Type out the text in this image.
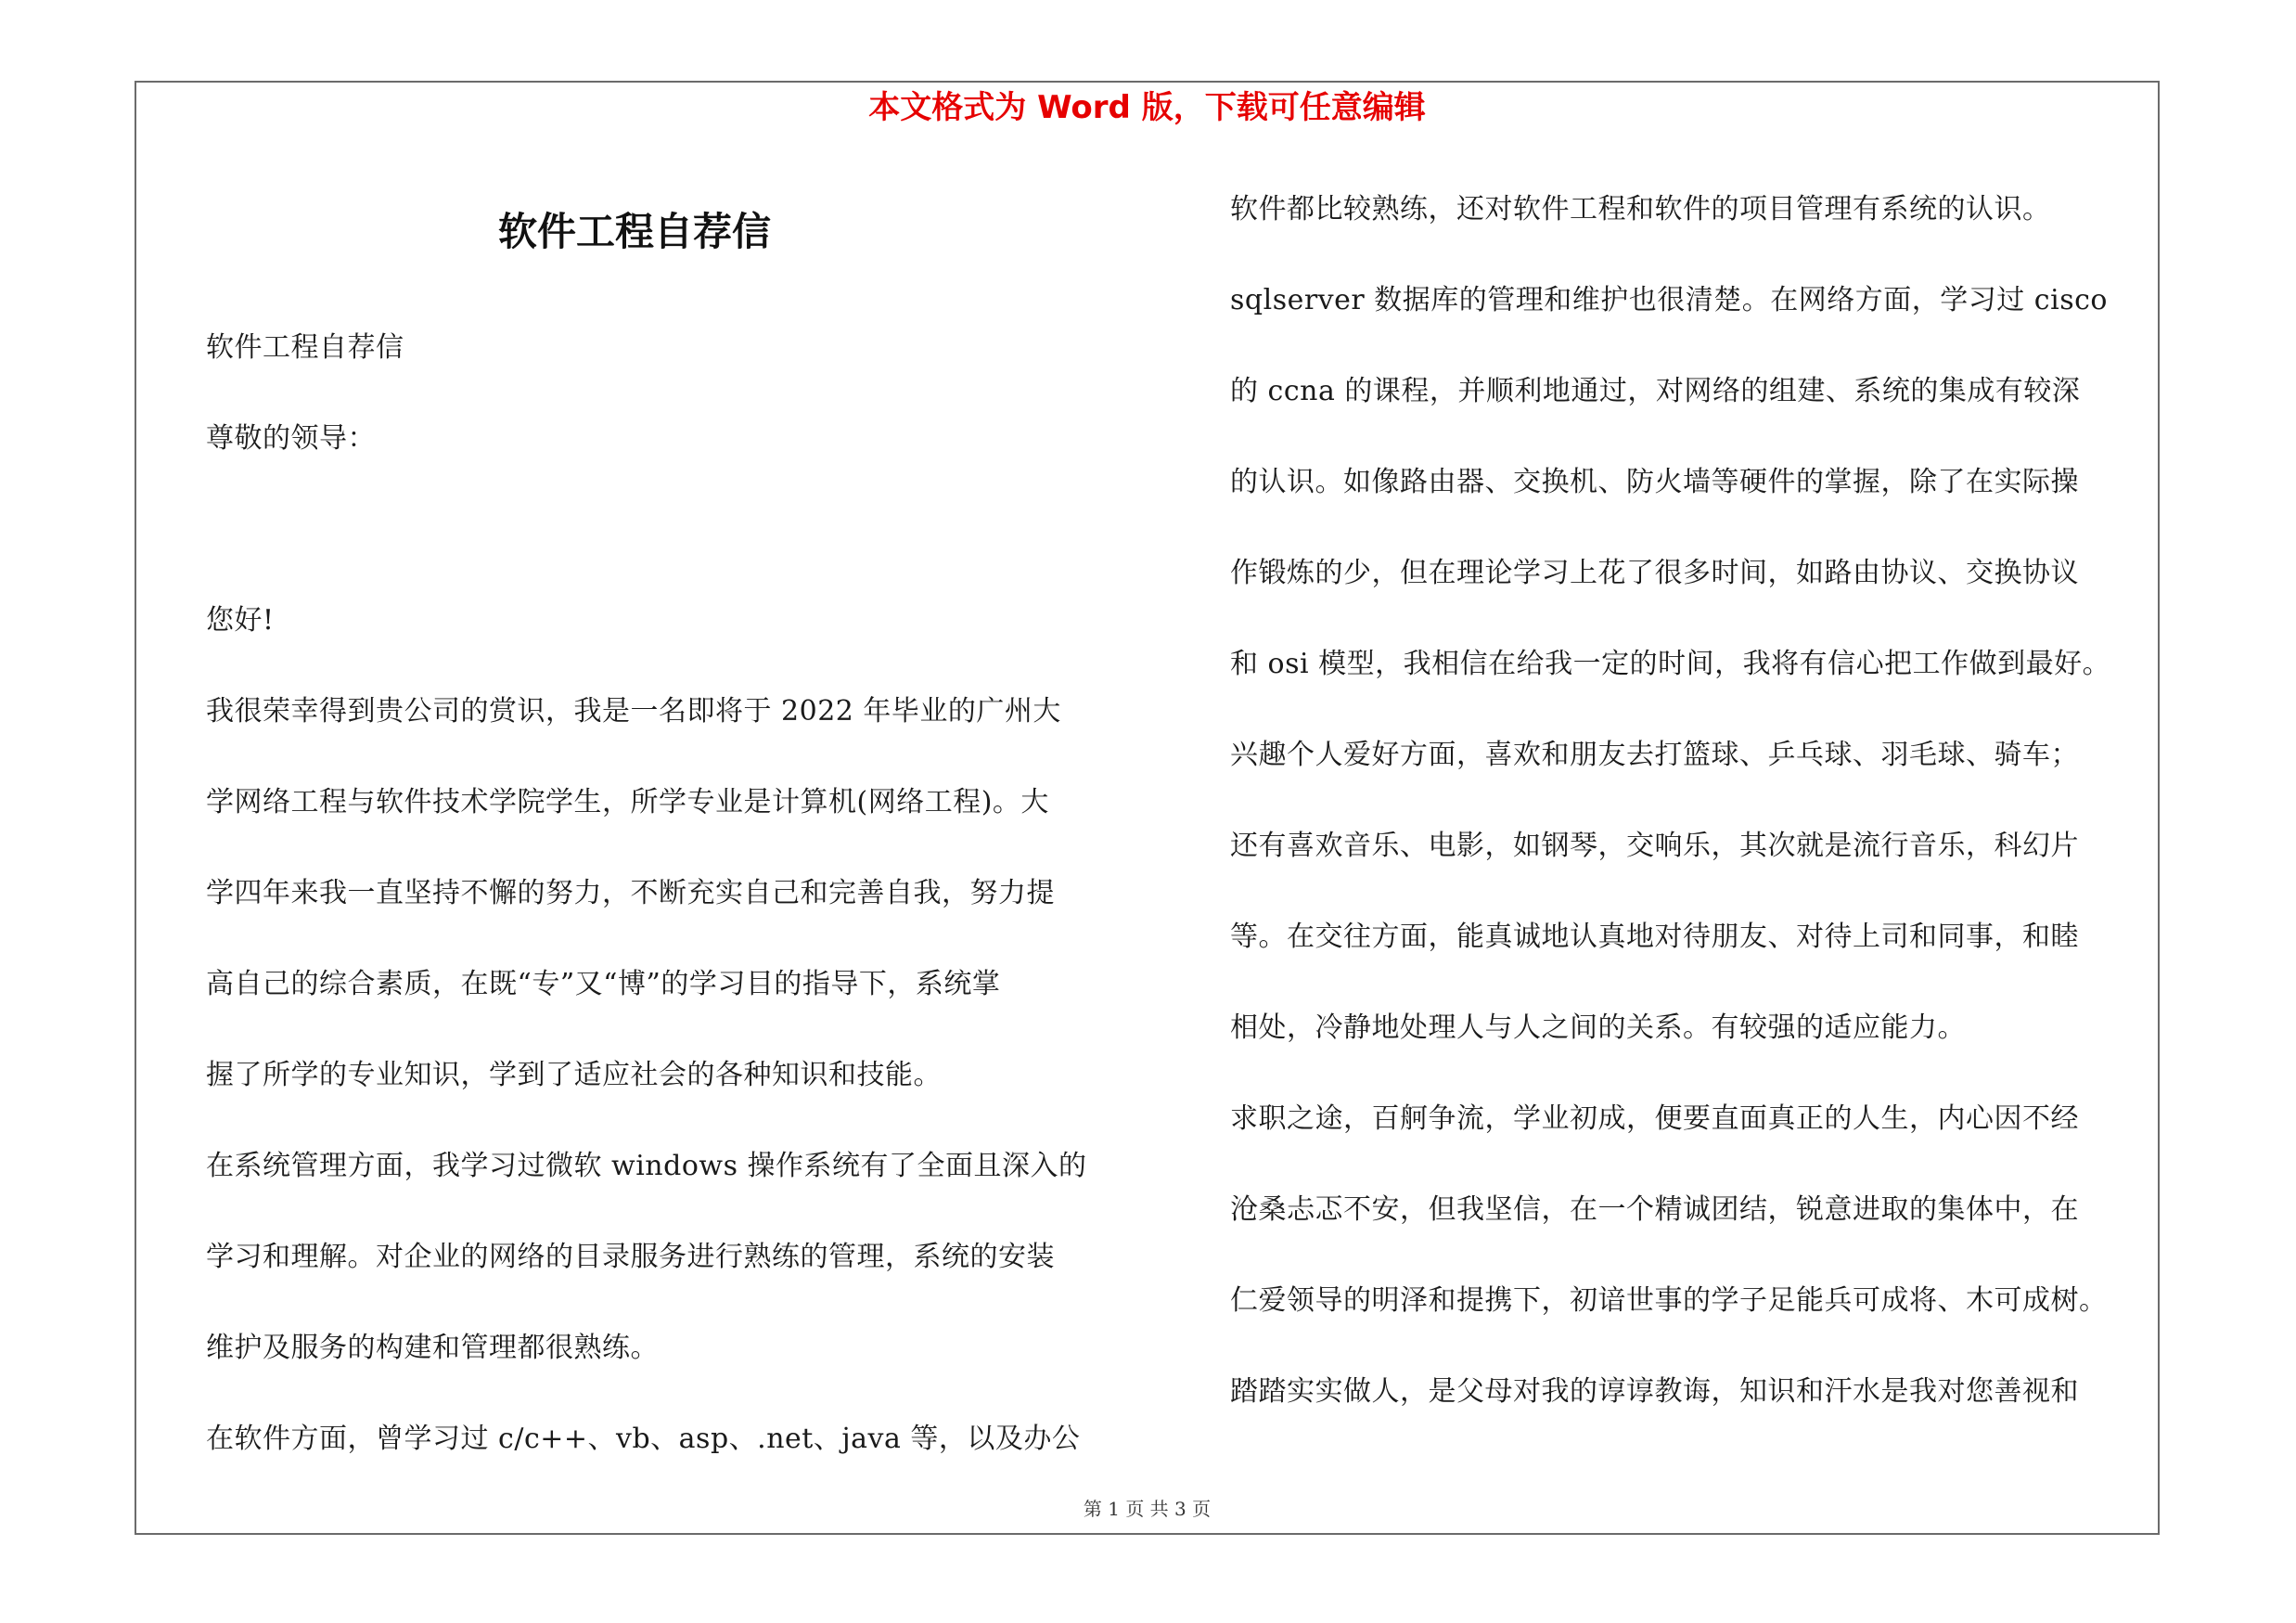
本文格式为 Word 版，下载可任意编辑
软件工程自荐信
软件工程自荐信
尊敬的领导：
您好!
我很荣幸得到贵公司的赏识，我是一名即将于 2022 年毕业的广州大
学网络工程与软件技术学院学生，所学专业是计算机(网络工程)。大
学四年来我一直坚持不懈的努力，不断充实自己和完善自我，努力提
高自己的综合素质，在既“专”又“博”的学习目的指导下，系统掌
握了所学的专业知识，学到了适应社会的各种知识和技能。
在系统管理方面，我学习过微软 windows 操作系统有了全面且深入的
学习和理解。对企业的网络的目录服务进行熟练的管理，系统的安装
维护及服务的构建和管理都很熟练。
在软件方面，曾学习过 c/c++、vb、asp、.net、java 等，以及办公
软件都比较熟练，还对软件工程和软件的项目管理有系统的认识。
sqlserver 数据库的管理和维护也很清楚。在网络方面，学习过 cisco
的 ccna 的课程，并顺利地通过，对网络的组建、系统的集成有较深
的认识。如像路由器、交换机、防火墙等硬件的掌握，除了在实际操
作锻炼的少，但在理论学习上花了很多时间，如路由协议、交换协议
和 osi 模型，我相信在给我一定的时间，我将有信心把工作做到最好。
兴趣个人爱好方面，喜欢和朋友去打篮球、乒乓球、羽毛球、骑车；
还有喜欢音乐、电影，如钢琴，交响乐，其次就是流行音乐，科幻片
等。在交往方面，能真诚地认真地对待朋友、对待上司和同事，和睦
相处，冷静地处理人与人之间的关系。有较强的适应能力。
求职之途，百舸争流，学业初成，便要直面真正的人生，内心因不经
沧桑忐忑不安，但我坚信，在一个精诚团结，锐意进取的集体中，在
仁爱领导的明泽和提携下，初谙世事的学子足能兵可成将、木可成树。
踏踏实实做人，是父母对我的谆谆教诲，知识和汗水是我对您善视和
第 1 页 共 3 页
